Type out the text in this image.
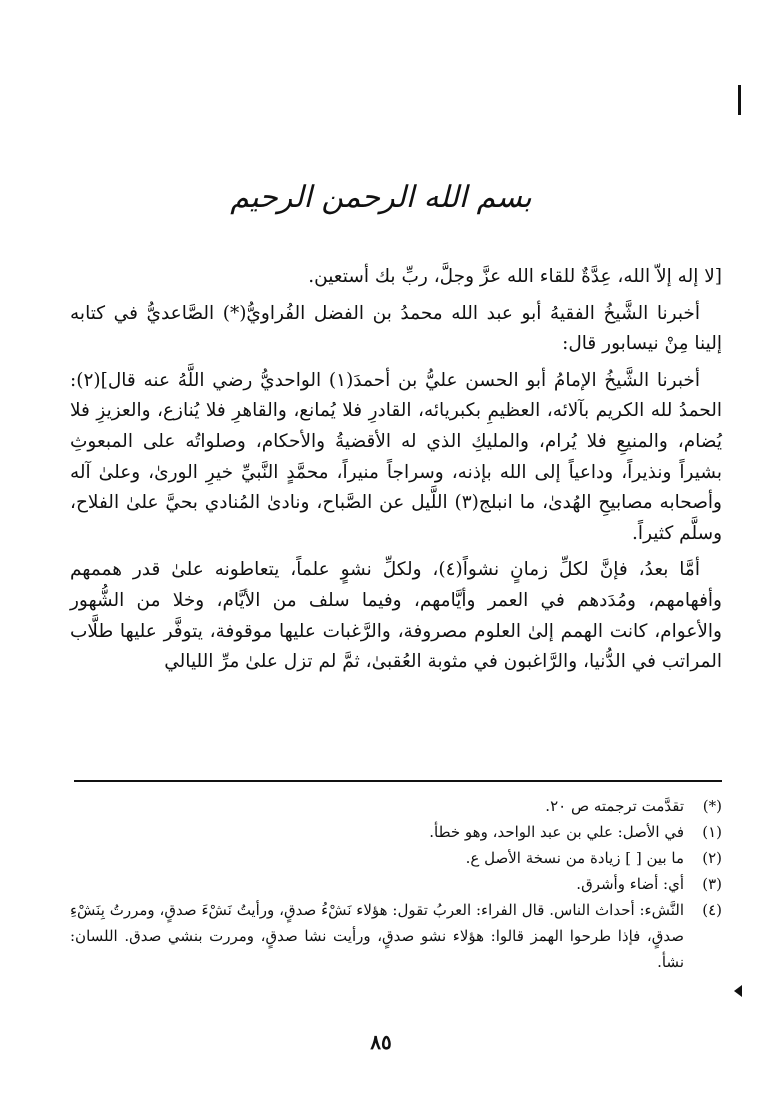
بسم الله الرحمن الرحيم

[لا إله إلاّ الله، عِدَّةٌ للقاء الله عزَّ وجلَّ، ربِّ بك أستعين.

أخبرنا الشَّيخُ الفقيهُ أبو عبد الله محمدُ بن الفضل الفُراويُّ(*) الصَّاعديُّ في كتابه إلينا مِنْ نيسابور قال:

أخبرنا الشَّيخُ الإمامُ أبو الحسن عليُّ بن أحمدَ(١) الواحديُّ رضي اللَّهُ عنه قال](٢): الحمدُ لله الكريم بآلائه، العظيمِ بكبريائه، القادرِ فلا يُمانع، والقاهرِ فلا يُنازع، والعزيزِ فلا يُضام، والمنيعِ فلا يُرام، والمليكِ الذي له الأقضيةُ والأحكام، وصلواتُه على المبعوثِ بشيراً ونذيراً، وداعياً إلى الله بإذنه، وسراجاً منيراً، محمَّدٍ النَّبيِّ خيرِ الورىٰ، وعلىٰ آله وأصحابه مصابيحِ الهُدىٰ، ما انبلج(٣) اللَّيل عن الصَّباح، ونادىٰ المُنادي بحيَّ علىٰ الفلاح، وسلَّم كثيراً.

أمَّا بعدُ، فإنَّ لكلِّ زمانٍ نشواً(٤)، ولكلِّ نشوٍ علماً، يتعاطونه علىٰ قدر هممهم وأفهامهم، ومُدَدهم في العمر وأيَّامهم، وفيما سلف من الأيَّام، وخلا من الشُّهور والأعوام، كانت الهمم إلىٰ العلوم مصروفة، والرَّغبات عليها موقوفة، يتوفَّر عليها طلَّاب المراتب في الدُّنيا، والرَّاغبون في مثوبة العُقبىٰ، ثمَّ لم تزل علىٰ مرِّ الليالي

(*)
تقدَّمت ترجمته ص ٢٠.
(١)
في الأصل: علي بن عبد الواحد، وهو خطأ.
(٢)
ما بين [ ] زيادة من نسخة الأصل ع.
(٣)
أي: أضاء وأشرق.
(٤)
النَّشء: أحداث الناس. قال الفراء: العربُ تقول: هؤلاء نَشْءُ صدقٍ، ورأيتُ نَشْءَ صدقٍ، ومررتُ بِنَشْءِ صدقٍ، فإذا طرحوا الهمز قالوا: هؤلاء نشو صدقٍ، ورأيت نشا صدقٍ، ومررت بنشي صدق. اللسان: نشأ.
٨٥
